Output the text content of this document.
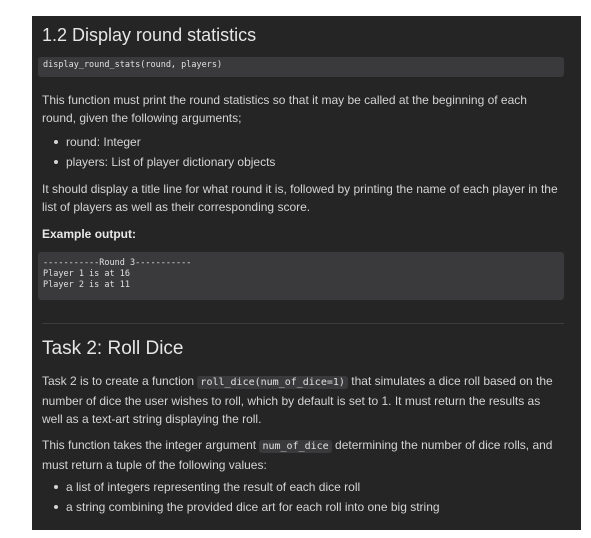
1.2 Display round statistics
display_round_stats(round, players)

This function must print the round statistics so that it may be called at the beginning of each round, given the following arguments;

round: Integer
players: List of player dictionary objects

It should display a title line for what round it is, followed by printing the name of each player in the list of players as well as their corresponding score.

Example output:

-----------Round 3-----------
Player 1 is at 16
Player 2 is at 11
Task 2: Roll Dice

Task 2 is to create a function roll_dice(num_of_dice=1) that simulates a dice roll based on the number of dice the user wishes to roll, which by default is set to 1. It must return the results as well as a text-art string displaying the roll.

This function takes the integer argument num_of_dice determining the number of dice rolls, and must return a tuple of the following values:

a list of integers representing the result of each dice roll
a string combining the provided dice art for each roll into one big string
